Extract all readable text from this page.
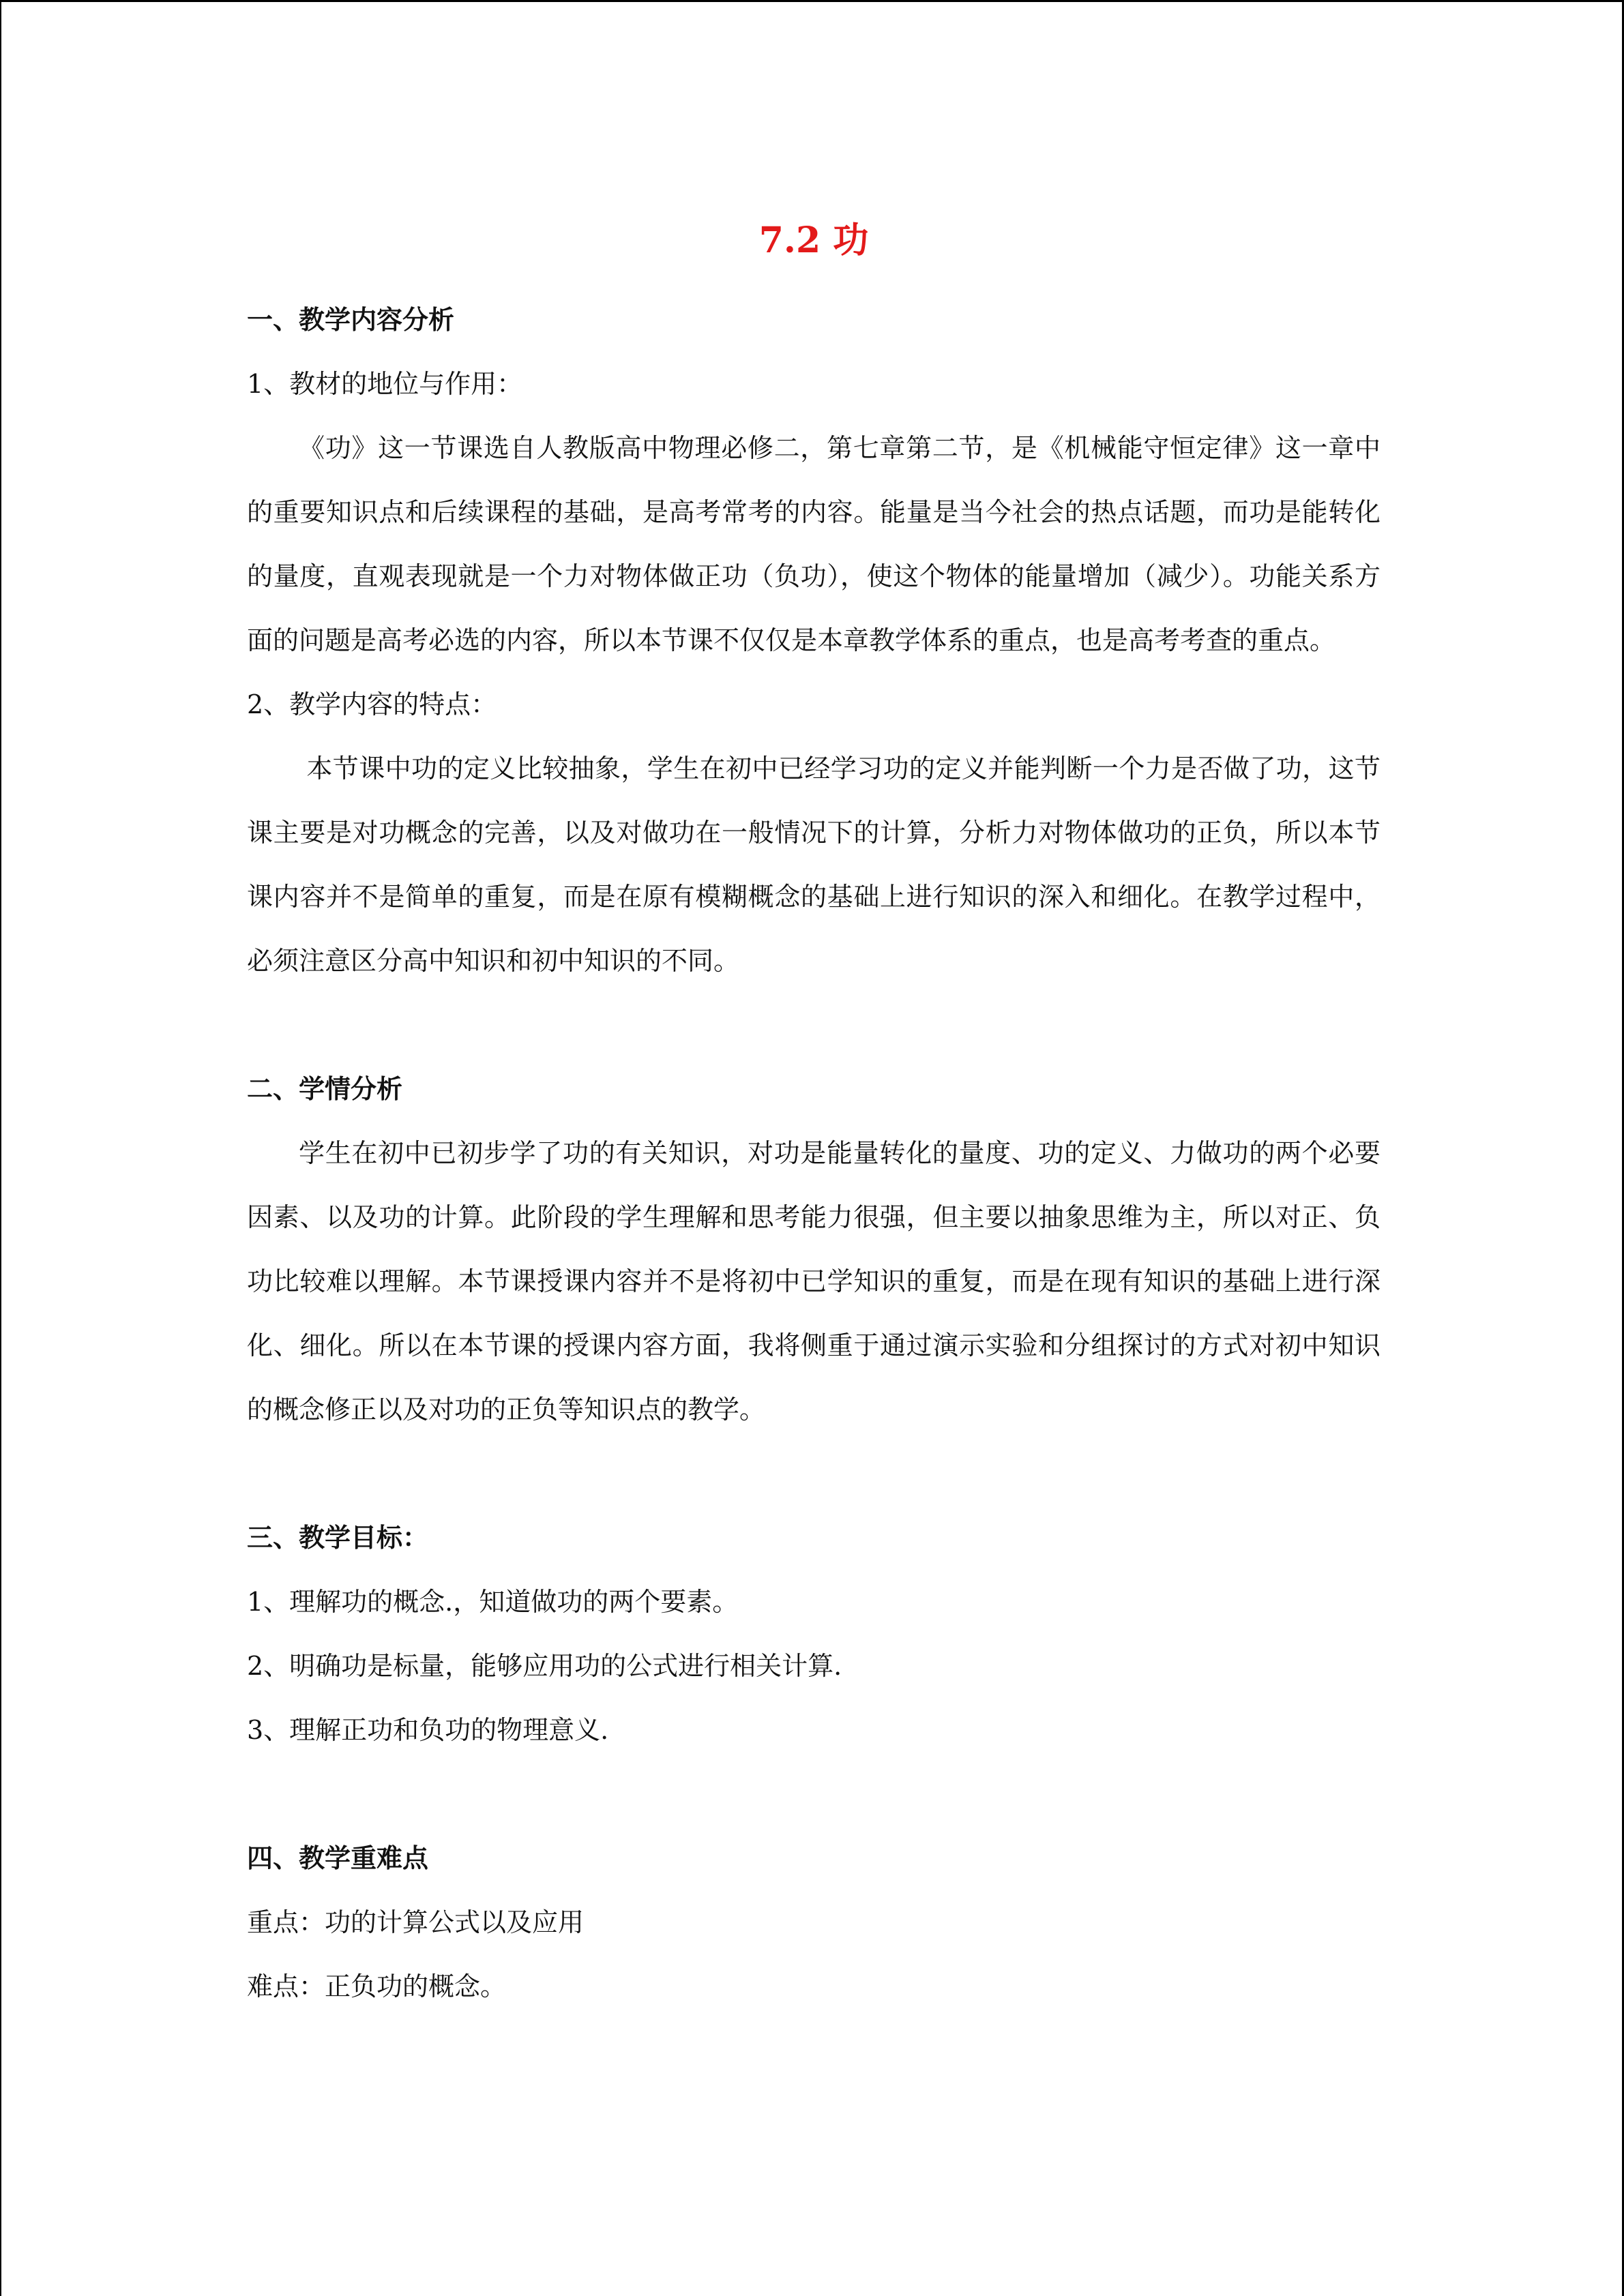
7.2 功
一、教学内容分析
1、教材的地位与作用：

《功》这一节课选自人教版高中物理必修二，第七章第二节，是《机械能守恒定律》这一章中的重要知识点和后续课程的基础，是高考常考的内容。能量是当今社会的热点话题，而功是能转化的量度，直观表现就是一个力对物体做正功（负功），使这个物体的能量增加（减少）。功能关系方面的问题是高考必选的内容，所以本节课不仅仅是本章教学体系的重点，也是高考考查的重点。

2、教学内容的特点：

本节课中功的定义比较抽象，学生在初中已经学习功的定义并能判断一个力是否做了功，这节课主要是对功概念的完善，以及对做功在一般情况下的计算，分析力对物体做功的正负，所以本节课内容并不是简单的重复，而是在原有模糊概念的基础上进行知识的深入和细化。在教学过程中，必须注意区分高中知识和初中知识的不同。

二、学情分析

学生在初中已初步学了功的有关知识，对功是能量转化的量度、功的定义、力做功的两个必要因素、以及功的计算。此阶段的学生理解和思考能力很强，但主要以抽象思维为主，所以对正、负功比较难以理解。本节课授课内容并不是将初中已学知识的重复，而是在现有知识的基础上进行深化、细化。所以在本节课的授课内容方面，我将侧重于通过演示实验和分组探讨的方式对初中知识的概念修正以及对功的正负等知识点的教学。

三、教学目标：
1、理解功的概念.，知道做功的两个要素。
2、明确功是标量，能够应用功的公式进行相关计算.
3、理解正功和负功的物理意义.
四、教学重难点
重点：功的计算公式以及应用
难点：正负功的概念。
